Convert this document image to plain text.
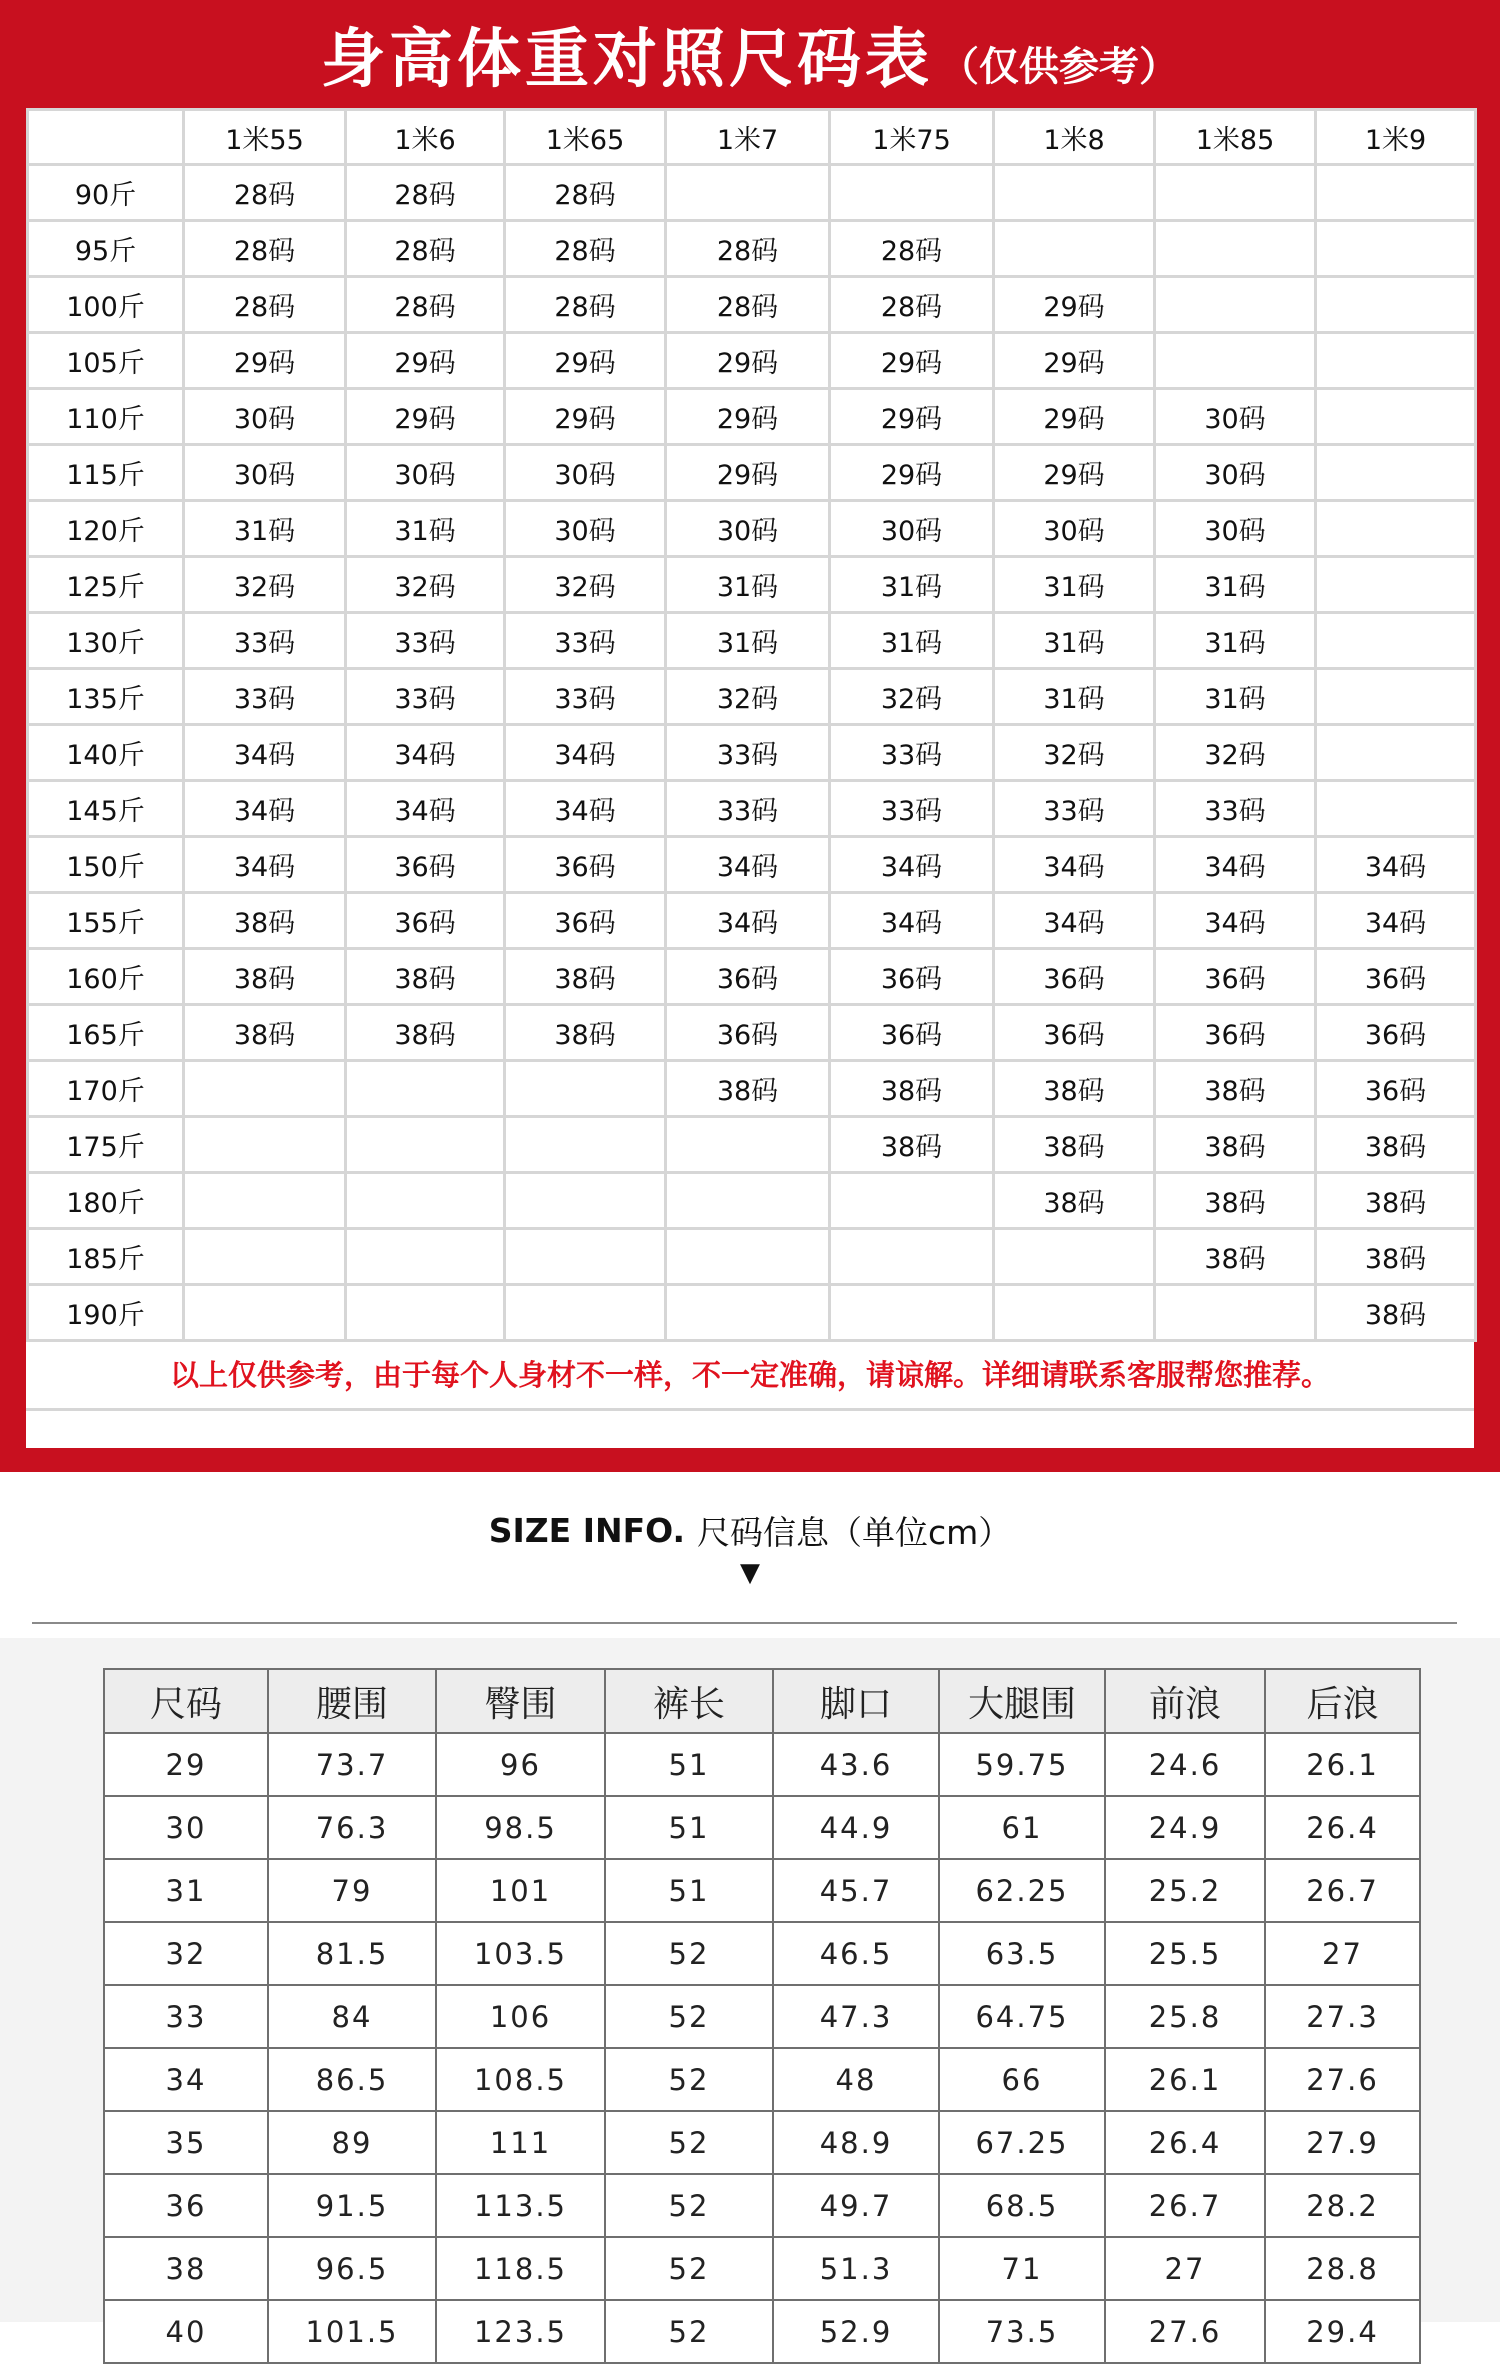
身高体重对照尺码表 （仅供参考）
	1米55	1米6	1米65	1米7	1米75	1米8	1米85	1米9
90斤	28码	28码	28码					
95斤	28码	28码	28码	28码	28码			
100斤	28码	28码	28码	28码	28码	29码		
105斤	29码	29码	29码	29码	29码	29码		
110斤	30码	29码	29码	29码	29码	29码	30码	
115斤	30码	30码	30码	29码	29码	29码	30码	
120斤	31码	31码	30码	30码	30码	30码	30码	
125斤	32码	32码	32码	31码	31码	31码	31码	
130斤	33码	33码	33码	31码	31码	31码	31码	
135斤	33码	33码	33码	32码	32码	31码	31码	
140斤	34码	34码	34码	33码	33码	32码	32码	
145斤	34码	34码	34码	33码	33码	33码	33码	
150斤	34码	36码	36码	34码	34码	34码	34码	34码
155斤	38码	36码	36码	34码	34码	34码	34码	34码
160斤	38码	38码	38码	36码	36码	36码	36码	36码
165斤	38码	38码	38码	36码	36码	36码	36码	36码
170斤				38码	38码	38码	38码	36码
175斤					38码	38码	38码	38码
180斤						38码	38码	38码
185斤							38码	38码
190斤								38码
以上仅供参考，由于每个人身材不一样，不一定准确，请谅解。详细请联系客服帮您推荐。
SIZE INFO. 尺码信息（单位cm）
▼
尺码	腰围	臀围	裤长	脚口	大腿围	前浪	后浪
29	73.7	96	51	43.6	59.75	24.6	26.1
30	76.3	98.5	51	44.9	61	24.9	26.4
31	79	101	51	45.7	62.25	25.2	26.7
32	81.5	103.5	52	46.5	63.5	25.5	27
33	84	106	52	47.3	64.75	25.8	27.3
34	86.5	108.5	52	48	66	26.1	27.6
35	89	111	52	48.9	67.25	26.4	27.9
36	91.5	113.5	52	49.7	68.5	26.7	28.2
38	96.5	118.5	52	51.3	71	27	28.8
40	101.5	123.5	52	52.9	73.5	27.6	29.4
